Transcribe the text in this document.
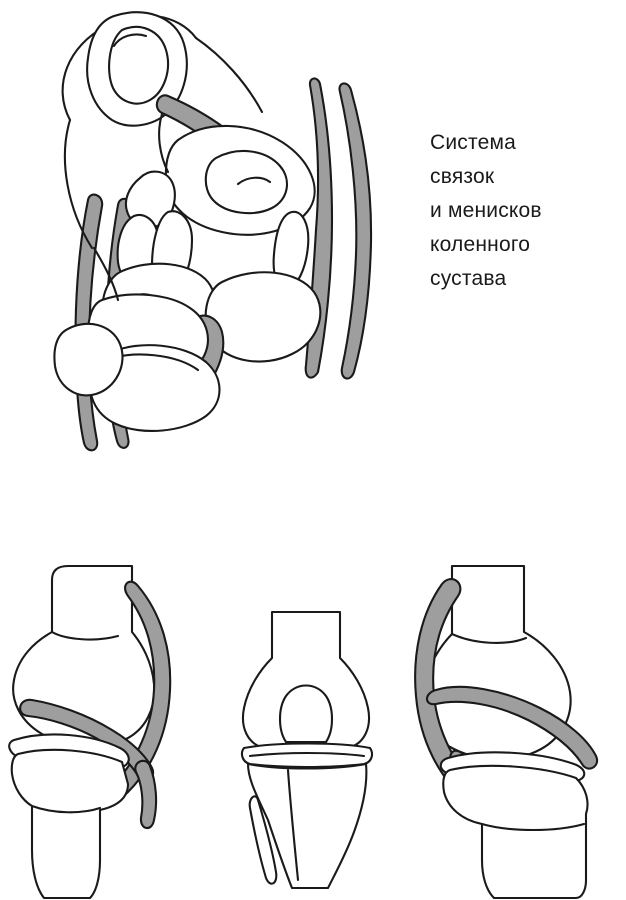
Система
связок
и менисков
коленного
сустава
